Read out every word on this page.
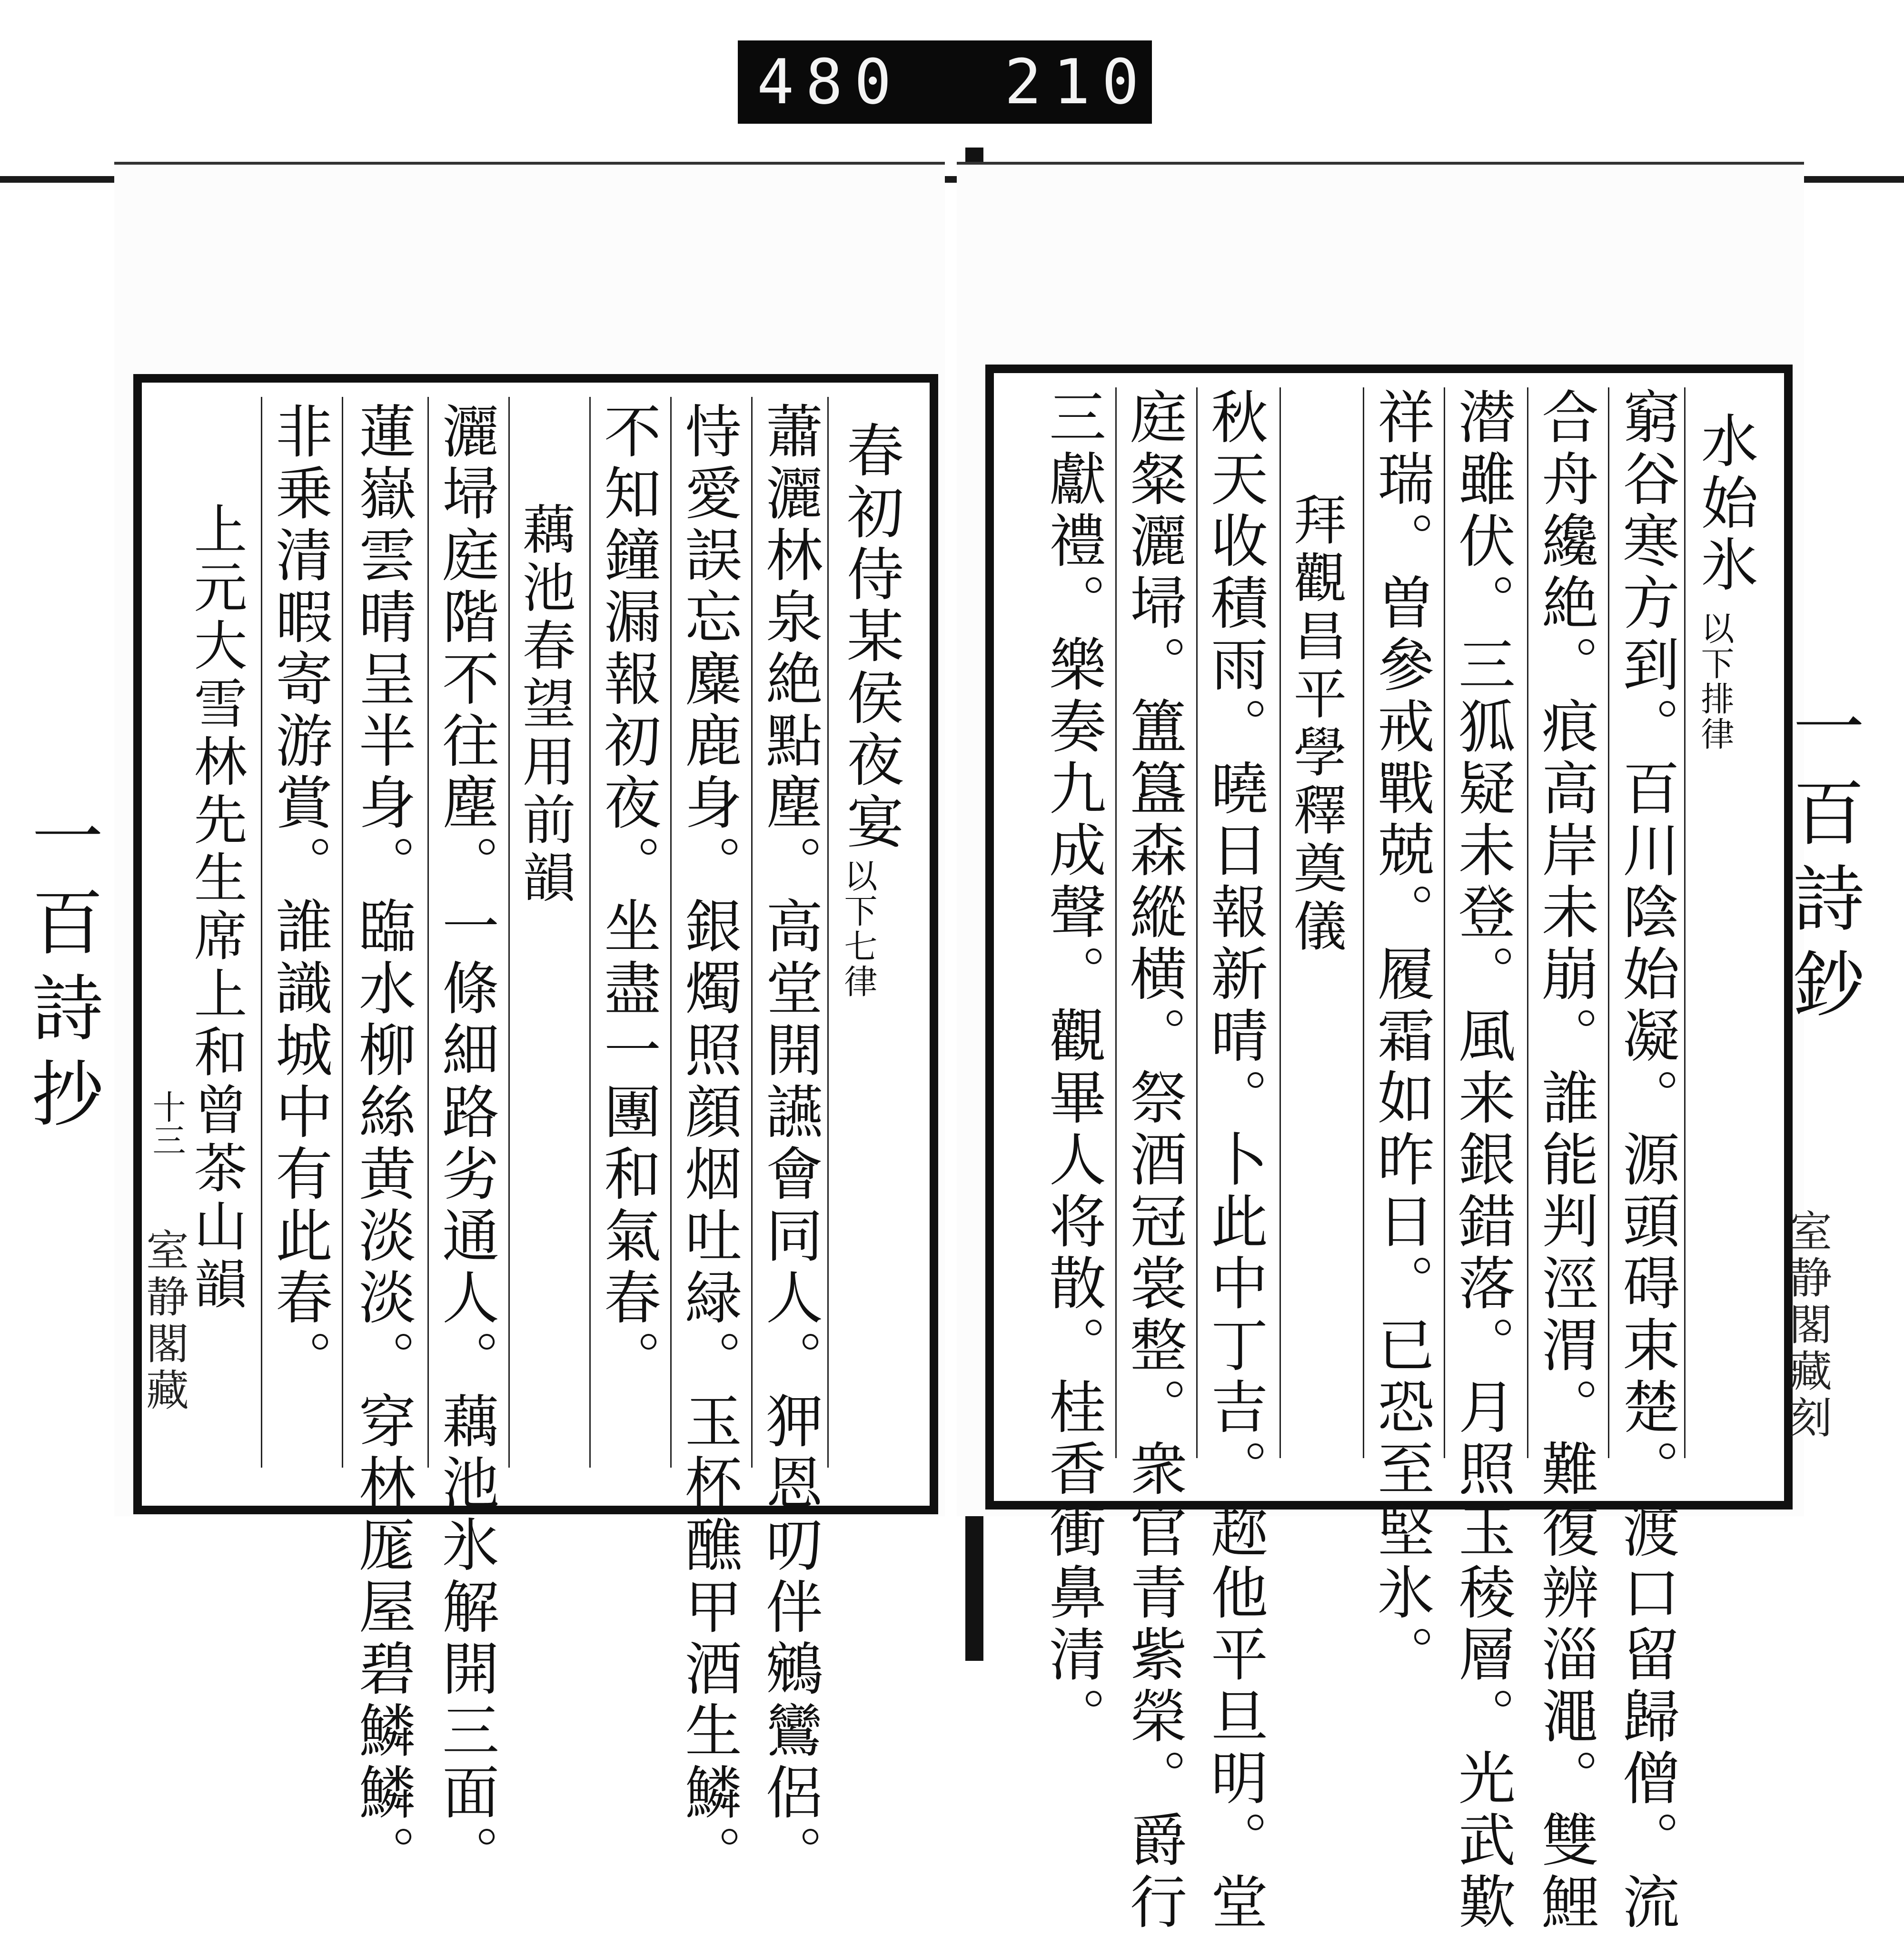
480 210
春初侍某侯夜宴
以下七律
蕭灑林泉絶點塵。高堂開讌會同人。狎恩叨伴鵷鸞侶。
恃愛誤忘麋鹿身。銀燭照顔烟吐緑。玉杯醮甲酒生鱗。
不知鐘漏報初夜。坐盡一團和氣春。
藕池春望用前韻
灑埽庭階不往塵。一條細路劣通人。藕池氷解開三面。
蓮嶽雲晴呈半身。臨水柳絲黄淡淡。穿林厖屋碧鱗鱗。
非乗清暇寄游賞。誰識城中有此春。
上元大雪林先生席上和曾茶山韻
一百詩抄	十三
室静閣藏
水始氷
以下排律
窮谷寒方到。百川陰始凝。源頭碍束楚。渡口留歸僧。流
合舟纔絶。痕高岸未崩。誰能判涇渭。難復辨淄澠。雙鯉
潜雖伏。三狐疑未登。風来銀錯落。月照玉稜層。光武歎
祥瑞。曽參戒戰兢。履霜如昨日。已恐至堅氷。
拜觀昌平學釋奠儀
秋天收積雨。曉日報新晴。卜此中丁吉。趂他平旦明。堂
庭粲灑埽。簠簋森縱横。祭酒冠裳整。衆官青紫榮。爵行
三獻禮。樂奏九成聲。觀畢人将散。桂香衝鼻清。	一百詩鈔
室静閣藏刻
